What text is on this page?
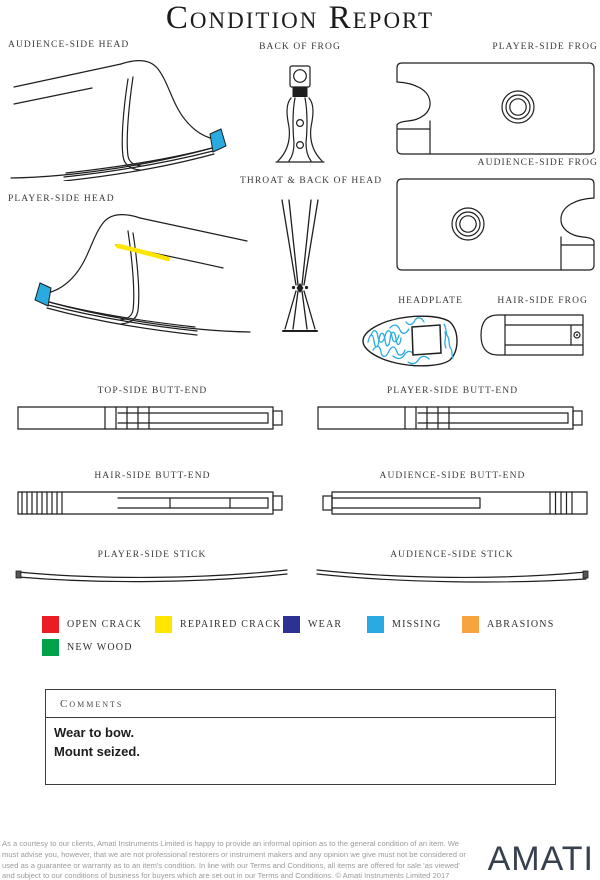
Condition Report
AUDIENCE-SIDE HEAD	BACK OF FROG	PLAYER-SIDE FROG
AUDIENCE-SIDE FROG
PLAYER-SIDE HEAD
THROAT & BACK OF HEAD
HEADPLATE	HAIR-SIDE FROG
TOP-SIDE BUTT-END	PLAYER-SIDE BUTT-END
HAIR-SIDE BUTT-END	AUDIENCE-SIDE BUTT-END
PLAYER-SIDE STICK	AUDIENCE-SIDE STICK
OPEN CRACK	REPAIRED CRACK	WEAR	MISSING	ABRASIONS
NEW WOOD
Comments
Wear to bow.
Mount seized.
As a courtesy to our clients, Amati Instruments Limited is happy to provide an informal opinion as to the general condition of an item. We must advise you, however, that we are not professional restorers or instrument makers and any opinion we give must not be considered or used as a guarantee or warranty as to an item's condition. In line with our Terms and Conditions, all items are offered for sale 'as viewed' and subject to our conditions of business for buyers which are set out in our Terms and Conditions. © Amati Instruments Limited 2017	AMATI
